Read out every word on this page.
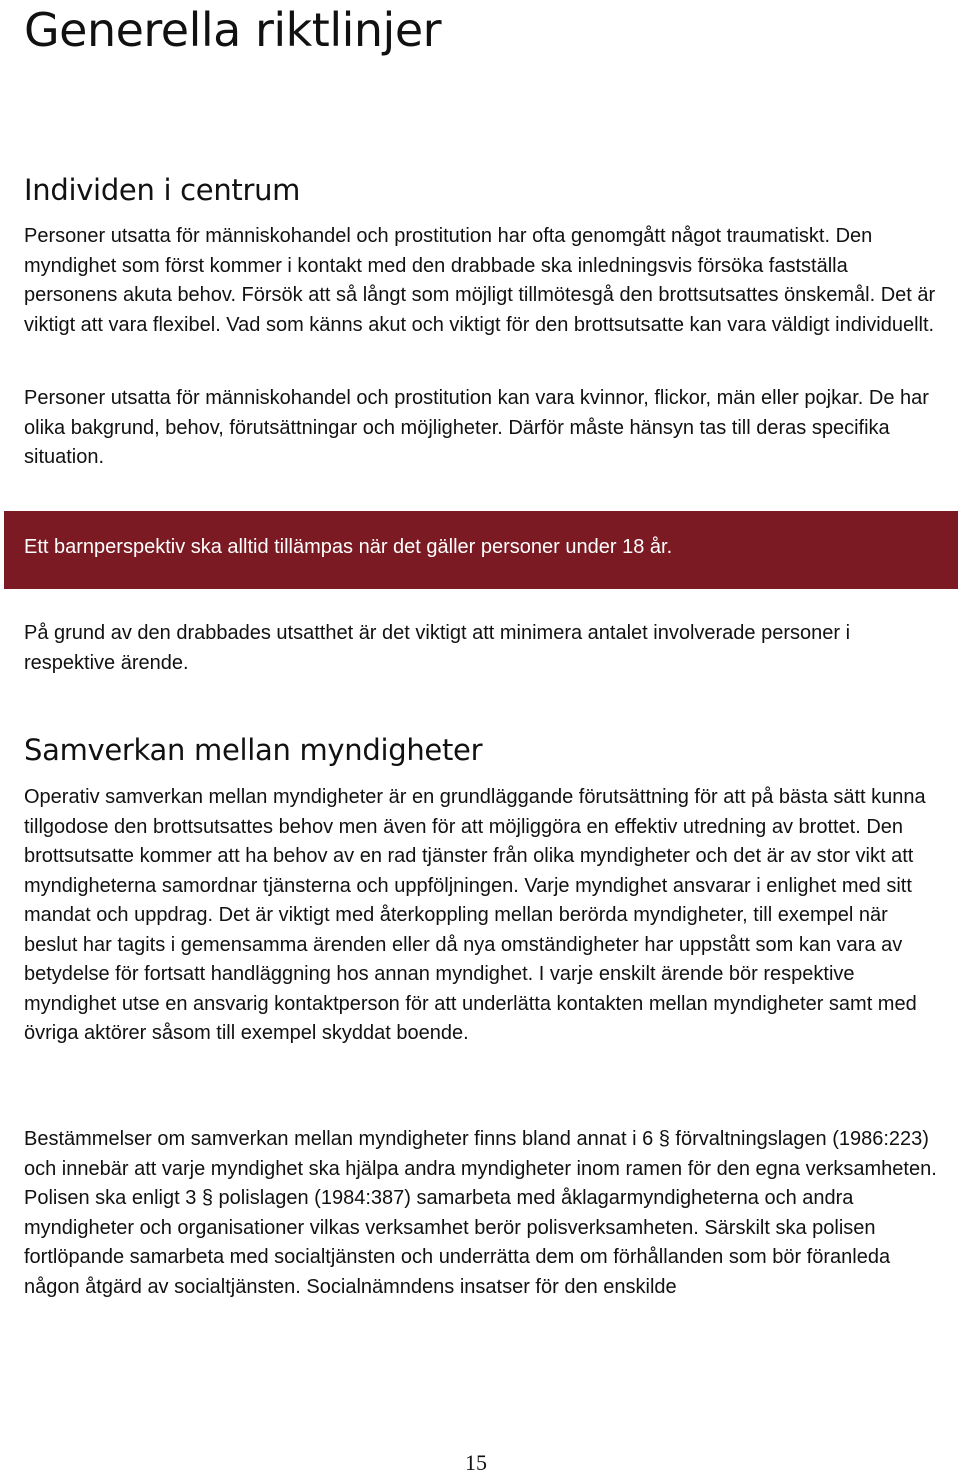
Generella riktlinjer
Individen i centrum

Personer utsatta för människohandel och prostitution har ofta genomgått något traumatiskt. Den myndighet som först kommer i kontakt med den drabbade ska inledningsvis försöka fastställa personens akuta behov. Försök att så långt som möjligt tillmötesgå den brottsutsattes önskemål. Det är viktigt att vara flexibel. Vad som känns akut och viktigt för den brottsutsatte kan vara väldigt individuellt.

Personer utsatta för människohandel och prostitution kan vara kvinnor, flickor, män eller pojkar. De har olika bakgrund, behov, förutsättningar och möjligheter. Därför måste hänsyn tas till deras specifika situation.

Ett barnperspektiv ska alltid tillämpas när det gäller personer under 18 år.

På grund av den drabbades utsatthet är det viktigt att minimera antalet involverade personer i respektive ärende.

Samverkan mellan myndigheter

Operativ samverkan mellan myndigheter är en grundläggande förutsättning för att på bästa sätt kunna tillgodose den brottsutsattes behov men även för att möjliggöra en effektiv utredning av brottet. Den brottsutsatte kommer att ha behov av en rad tjänster från olika myndigheter och det är av stor vikt att myndigheterna samordnar tjänsterna och uppföljningen. Varje myndighet ansvarar i enlighet med sitt mandat och uppdrag. Det är viktigt med återkoppling mellan berörda myndigheter, till exempel när beslut har tagits i gemensamma ärenden eller då nya omständigheter har uppstått som kan vara av betydelse för fortsatt handläggning hos annan myndighet. I varje enskilt ärende bör respektive myndighet utse en ansvarig kontaktperson för att underlätta kontakten mellan myndigheter samt med övriga aktörer såsom till exempel skyddat boende.

Bestämmelser om samverkan mellan myndigheter finns bland annat i 6 § förvaltningslagen (1986:223) och innebär att varje myndighet ska hjälpa andra myndigheter inom ramen för den egna verksamheten. Polisen ska enligt 3 § polislagen (1984:387) samarbeta med åklagarmyndigheterna och andra myndigheter och organisationer vilkas verksamhet berör polisverksamheten. Särskilt ska polisen fortlöpande samarbeta med socialtjänsten och underrätta dem om förhållanden som bör föranleda någon åtgärd av socialtjänsten. Socialnämndens insatser för den enskilde

15
